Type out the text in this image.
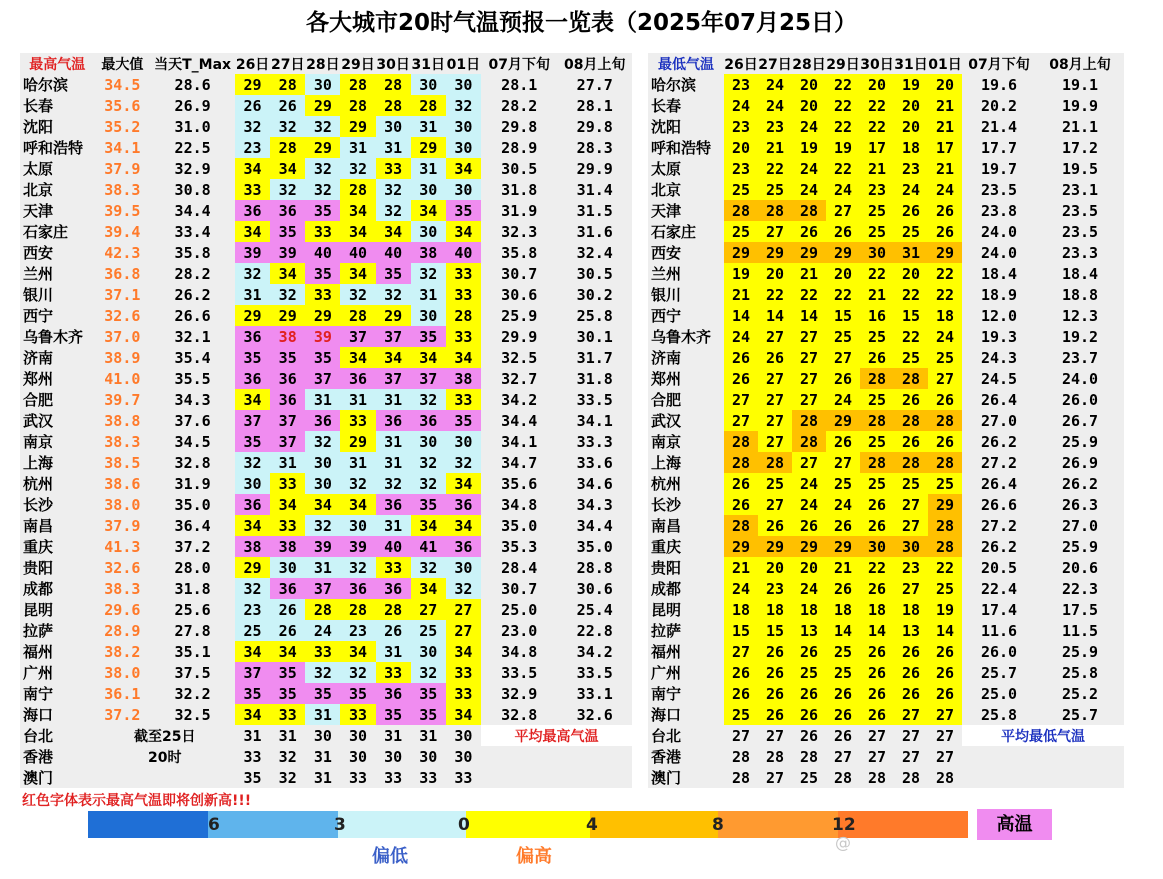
各大城市20时气温预报一览表（2025年07月25日）
最高气温	最大值	当天T_Max	26日	27日	28日	29日	30日	31日	01日	07月下旬	08月上旬
哈尔滨	34.5	28.6	29	28	30	28	28	30	30	28.1	27.7
长春	35.6	26.9	26	26	29	28	28	28	32	28.2	28.1
沈阳	35.2	31.0	32	32	32	29	30	31	30	29.8	29.8
呼和浩特	34.1	22.5	23	28	29	31	31	29	30	28.9	28.3
太原	37.9	32.9	34	34	32	32	33	31	34	30.5	29.9
北京	38.3	30.8	33	32	32	28	32	30	30	31.8	31.4
天津	39.5	34.4	36	36	35	34	32	34	35	31.9	31.5
石家庄	39.4	33.4	34	35	33	34	34	30	34	32.3	31.6
西安	42.3	35.8	39	39	40	40	40	38	40	35.8	32.4
兰州	36.8	28.2	32	34	35	34	35	32	33	30.7	30.5
银川	37.1	26.2	31	32	33	32	32	31	33	30.6	30.2
西宁	32.6	26.6	29	29	29	28	29	30	28	25.9	25.8
乌鲁木齐	37.0	32.1	36	38	39	37	37	35	33	29.9	30.1
济南	38.9	35.4	35	35	35	34	34	34	34	32.5	31.7
郑州	41.0	35.5	36	36	37	36	37	37	38	32.7	31.8
合肥	39.7	34.3	34	36	31	31	31	32	33	34.2	33.5
武汉	38.8	37.6	37	37	36	33	36	36	35	34.4	34.1
南京	38.3	34.5	35	37	32	29	31	30	30	34.1	33.3
上海	38.5	32.8	32	31	30	31	31	32	32	34.7	33.6
杭州	38.6	31.9	30	33	30	32	32	32	34	35.6	34.6
长沙	38.0	35.0	36	34	34	34	36	35	36	34.8	34.3
南昌	37.9	36.4	34	33	32	30	31	34	34	35.0	34.4
重庆	41.3	37.2	38	38	39	39	40	41	36	35.3	35.0
贵阳	32.6	28.0	29	30	31	32	33	32	30	28.4	28.8
成都	38.3	31.8	32	36	37	36	36	34	32	30.7	30.6
昆明	29.6	25.6	23	26	28	28	28	27	27	25.0	25.4
拉萨	28.9	27.8	25	26	24	23	26	25	27	23.0	22.8
福州	38.2	35.1	34	34	33	34	31	30	34	34.8	34.2
广州	38.0	37.5	37	35	32	32	33	32	33	33.5	33.5
南宁	36.1	32.2	35	35	35	35	36	35	33	32.9	33.1
海口	37.2	32.5	34	33	31	33	35	35	34	32.8	32.6
台北	截至25日		31	31	30	30	31	31	30	平均最高气温	
香港	20时		33	32	31	30	30	30	30		
澳门			35	32	31	33	33	33	33		
最低气温	26日	27日	28日	29日	30日	31日	01日	07月下旬	08月上旬
哈尔滨	23	24	20	22	20	19	20	19.6	19.1
长春	24	24	20	22	22	20	21	20.2	19.9
沈阳	23	23	24	22	22	20	21	21.4	21.1
呼和浩特	20	21	19	19	17	18	17	17.7	17.2
太原	23	22	24	22	21	23	21	19.7	19.5
北京	25	25	24	24	23	24	24	23.5	23.1
天津	28	28	28	27	25	26	26	23.8	23.5
石家庄	25	27	26	26	25	25	26	24.0	23.5
西安	29	29	29	29	30	31	29	24.0	23.3
兰州	19	20	21	20	22	20	22	18.4	18.4
银川	21	22	22	22	21	22	22	18.9	18.8
西宁	14	14	14	15	16	15	18	12.0	12.3
乌鲁木齐	24	27	27	25	25	22	24	19.3	19.2
济南	26	26	27	27	26	25	25	24.3	23.7
郑州	26	27	27	26	28	28	27	24.5	24.0
合肥	27	27	27	24	25	26	26	26.4	26.0
武汉	27	27	28	29	28	28	28	27.0	26.7
南京	28	27	28	26	25	26	26	26.2	25.9
上海	28	28	27	27	28	28	28	27.2	26.9
杭州	26	25	24	25	25	25	25	26.4	26.2
长沙	26	27	24	24	26	27	29	26.6	26.3
南昌	28	26	26	26	26	27	28	27.2	27.0
重庆	29	29	29	29	30	30	28	26.2	25.9
贵阳	21	20	20	21	22	23	22	20.5	20.6
成都	24	23	24	26	26	27	25	22.4	22.3
昆明	18	18	18	18	18	18	19	17.4	17.5
拉萨	15	15	13	14	14	13	14	11.6	11.5
福州	27	26	26	25	26	26	26	26.0	25.9
广州	26	26	25	25	26	26	26	25.7	25.8
南宁	26	26	26	26	26	26	26	25.0	25.2
海口	25	26	26	26	26	27	27	25.8	25.7
台北	27	27	26	26	27	27	27	平均最低气温	
香港	28	28	28	27	27	27	27		
澳门	28	27	25	28	28	28	28		
红色字体表示最高气温即将创新高!!!
6	3	0	4	8	12	高温
偏低	偏高
@
